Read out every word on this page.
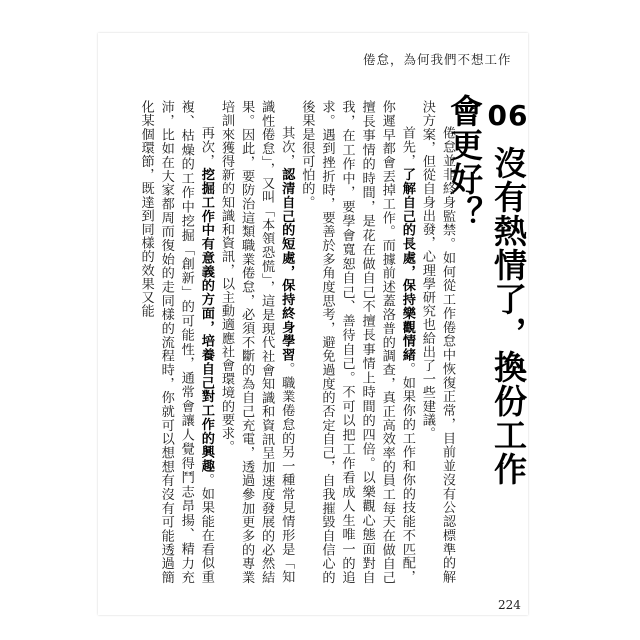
倦怠，為何我們不想工作
06沒有熱情了，換份工作會更好？

倦怠並非終身監禁。如何從工作倦怠中恢復正常，目前並沒有公認標準的解決方案，但從自身出發，心理學研究也給出了一些建議。

首先，了解自己的長處，保持樂觀情緒。如果你的工作和你的技能不匹配，你遲早都會丟掉工作。而據前述蓋洛普的調查，真正高效率的員工每天在做自己擅長事情的時間，是花在做自己不擅長事情上時間的四倍。以樂觀心態面對自我，在工作中，要學會寬恕自己、善待自己。不可以把工作看成人生唯一的追求。遇到挫折時，要善於多角度思考，避免過度的否定自己，自我摧毀自信心的後果是很可怕的。

其次，認清自己的短處，保持終身學習。職業倦怠的另一種常見情形是「知識性倦怠」，又叫「本領恐慌」，這是現代社會知識和資訊呈加速度發展的必然結果。因此，要防治這類職業倦怠，必須不斷的為自己充電，透過參加更多的專業培訓來獲得新的知識和資訊，以主動適應社會環境的要求。

再次，挖掘工作中有意義的方面，培養自己對工作的興趣。如果能在看似重複、枯燥的工作中挖掘「創新」的可能性，通常會讓人覺得鬥志昂揚、精力充沛，比如在大家都周而復始的走同樣的流程時，你就可以想想有沒有可能透過簡化某個環節，既達到同樣的效果又能

224
